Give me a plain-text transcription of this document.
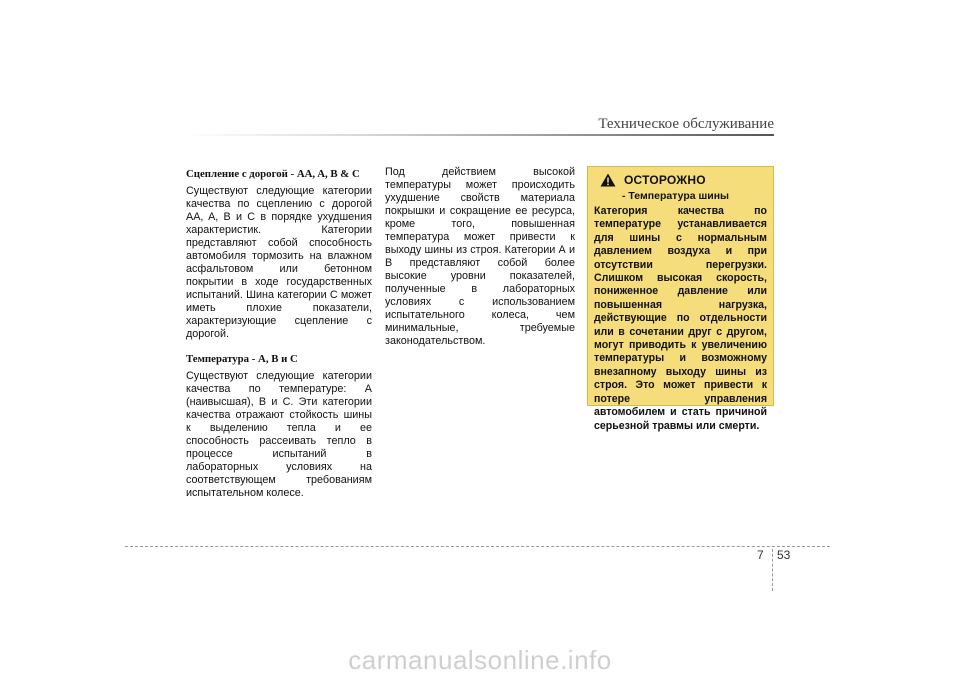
Техническое обслуживание
Сцепление с дорогой - AA, A, B & C

Существуют следующие категории качества по сцеплению с дорогой AA, A, B и C в порядке ухудшения характеристик. Категории представляют собой способность автомобиля тормозить на влажном асфальтовом или бетонном покрытии в ходе государственных испытаний. Шина категории С может иметь плохие показатели, характеризующие сцепление с дорогой.

Температура - A, B и C

Существуют следующие категории качества по температуре: А (наивысшая), В и С. Эти категории качества отражают стойкость шины к выделению тепла и ее способность рассеивать тепло в процессе испытаний в лабораторных условиях на соответствующем требованиям испытательном колесе.

Под действием высокой температуры может происходить ухудшение свойств материала покрышки и сокращение ее ресурса, кроме того, повышенная температура может привести к выходу шины из строя. Категории А и В представляют собой более высокие уровни показателей, полученные в лабораторных условиях с использованием испытательного колеса, чем минимальные, требуемые законодательством.

ОСТОРОЖНО
- Температура шины

Категория качества по температуре устанавливается для шины с нормальным давлением воздуха и при отсутствии перегрузки. Слишком высокая скорость, пониженное давление или повышенная нагрузка, действующие по отдельности или в сочетании друг с другом, могут приводить к увеличению температуры и возможному внезапному выходу шины из строя. Это может привести к потере управления автомобилем и стать причиной серьезной травмы или смерти.

7 53
carmanualsonline.info
